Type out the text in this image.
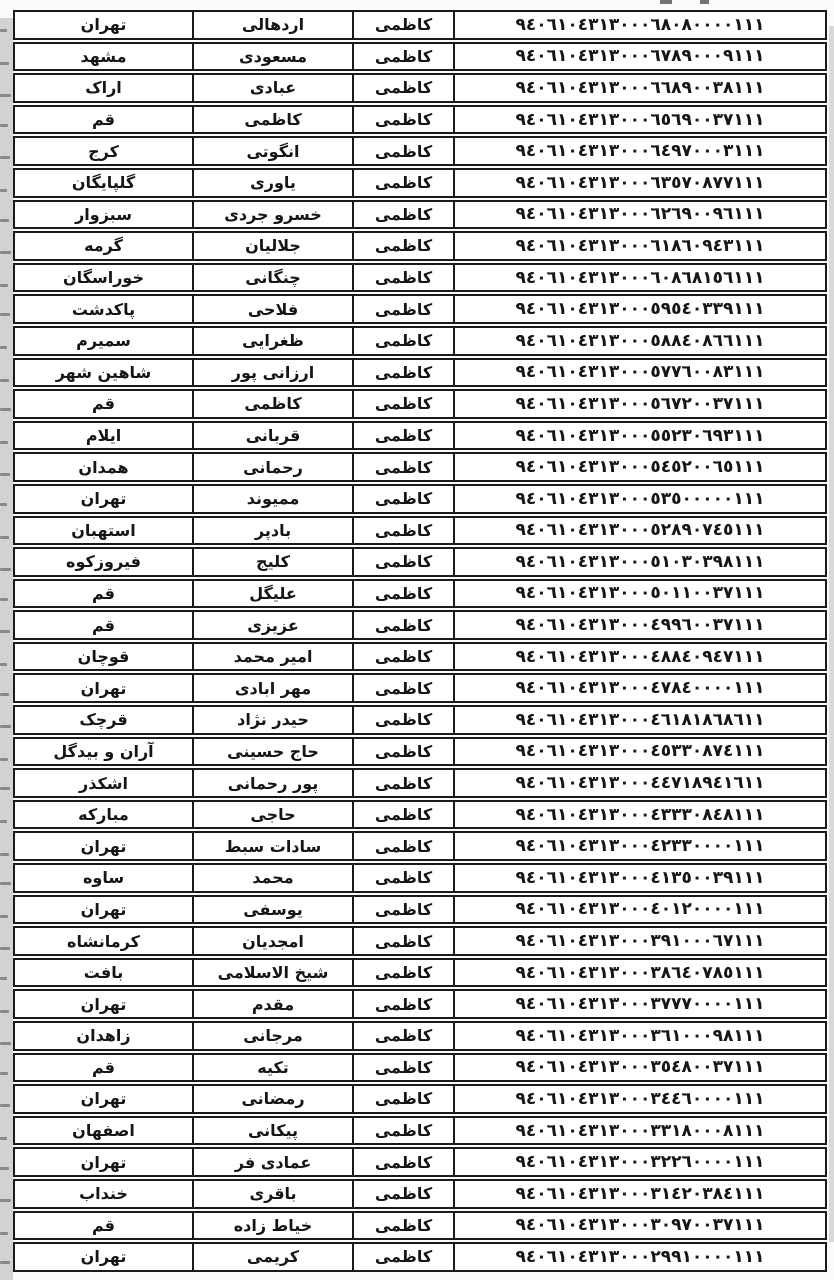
تهران	اردهالی	کاظمی	٩٤٠٦١٠٤٣١٣٠٠٠٦٨٠٨٠٠٠٠١١١
مشهد	مسعودی	کاظمی	٩٤٠٦١٠٤٣١٣٠٠٠٦٧٨٩٠٠٠٩١١١
اراک	عبادی	کاظمی	٩٤٠٦١٠٤٣١٣٠٠٠٦٦٨٩٠٠٣٨١١١
قم	کاظمی	کاظمی	٩٤٠٦١٠٤٣١٣٠٠٠٦٥٦٩٠٠٣٧١١١
کرج	انگوتی	کاظمی	٩٤٠٦١٠٤٣١٣٠٠٠٦٤٩٧٠٠٠٣١١١
گلپایگان	یاوری	کاظمی	٩٤٠٦١٠٤٣١٣٠٠٠٦٣٥٧٠٨٧٧١١١
سبزوار	خسرو جردی	کاظمی	٩٤٠٦١٠٤٣١٣٠٠٠٦٢٦٩٠٠٩٦١١١
گرمه	جلالیان	کاظمی	٩٤٠٦١٠٤٣١٣٠٠٠٦١٨٦٠٩٤٣١١١
خوراسگان	چنگانی	کاظمی	٩٤٠٦١٠٤٣١٣٠٠٠٦٠٨٦٨١٥٦١١١
پاکدشت	فلاحی	کاظمی	٩٤٠٦١٠٤٣١٣٠٠٠٥٩٥٤٠٣٣٩١١١
سمیرم	ظغرایی	کاظمی	٩٤٠٦١٠٤٣١٣٠٠٠٥٨٨٤٠٨٦٦١١١
شاهین شهر	ارزانی پور	کاظمی	٩٤٠٦١٠٤٣١٣٠٠٠٥٧٧٦٠٠٨٣١١١
قم	کاظمی	کاظمی	٩٤٠٦١٠٤٣١٣٠٠٠٥٦٧٢٠٠٣٧١١١
ایلام	قربانی	کاظمی	٩٤٠٦١٠٤٣١٣٠٠٠٥٥٢٣٠٦٩٣١١١
همدان	رحمانی	کاظمی	٩٤٠٦١٠٤٣١٣٠٠٠٥٤٥٢٠٠٦٥١١١
تهران	ممیوند	کاظمی	٩٤٠٦١٠٤٣١٣٠٠٠٥٣٥٠٠٠٠٠١١١
استهبان	بادپر	کاظمی	٩٤٠٦١٠٤٣١٣٠٠٠٥٢٨٩٠٧٤٥١١١
فیروزکوه	کلیج	کاظمی	٩٤٠٦١٠٤٣١٣٠٠٠٥١٠٣٠٣٩٨١١١
قم	علیگل	کاظمی	٩٤٠٦١٠٤٣١٣٠٠٠٥٠١١٠٠٣٧١١١
قم	عزیزی	کاظمی	٩٤٠٦١٠٤٣١٣٠٠٠٤٩٩٦٠٠٣٧١١١
قوچان	امیر محمد	کاظمی	٩٤٠٦١٠٤٣١٣٠٠٠٤٨٨٤٠٩٤٧١١١
تهران	مهر ابادی	کاظمی	٩٤٠٦١٠٤٣١٣٠٠٠٤٧٨٤٠٠٠٠١١١
قرچک	حیدر نژاد	کاظمی	٩٤٠٦١٠٤٣١٣٠٠٠٤٦١٨١٨٦٨٦١١
آران و بیدگل	حاج حسینی	کاظمی	٩٤٠٦١٠٤٣١٣٠٠٠٤٥٣٣٠٨٧٤١١١
اشکذر	پور رحمانی	کاظمی	٩٤٠٦١٠٤٣١٣٠٠٠٤٤٧١٨٩٤١٦١١
مبارکه	حاجی	کاظمی	٩٤٠٦١٠٤٣١٣٠٠٠٤٣٣٣٠٨٤٨١١١
تهران	سادات سبط	کاظمی	٩٤٠٦١٠٤٣١٣٠٠٠٤٢٣٣٠٠٠٠١١١
ساوه	محمد	کاظمی	٩٤٠٦١٠٤٣١٣٠٠٠٤١٣٥٠٠٣٩١١١
تهران	یوسفی	کاظمی	٩٤٠٦١٠٤٣١٣٠٠٠٤٠١٢٠٠٠٠١١١
کرمانشاه	امجدیان	کاظمی	٩٤٠٦١٠٤٣١٣٠٠٠٣٩١٠٠٠٦٧١١١
بافت	شیخ الاسلامی	کاظمی	٩٤٠٦١٠٤٣١٣٠٠٠٣٨٦٤٠٧٨٥١١١
تهران	مقدم	کاظمی	٩٤٠٦١٠٤٣١٣٠٠٠٣٧٧٧٠٠٠٠١١١
زاهدان	مرجانی	کاظمی	٩٤٠٦١٠٤٣١٣٠٠٠٣٦١٠٠٠٩٨١١١
قم	تکیه	کاظمی	٩٤٠٦١٠٤٣١٣٠٠٠٣٥٤٨٠٠٣٧١١١
تهران	رمضانی	کاظمی	٩٤٠٦١٠٤٣١٣٠٠٠٣٤٤٦٠٠٠٠١١١
اصفهان	پیکانی	کاظمی	٩٤٠٦١٠٤٣١٣٠٠٠٣٣١٨٠٠٠٨١١١
تهران	عمادی فر	کاظمی	٩٤٠٦١٠٤٣١٣٠٠٠٣٢٢٦٠٠٠٠١١١
خنداب	باقری	کاظمی	٩٤٠٦١٠٤٣١٣٠٠٠٣١٤٢٠٣٨٤١١١
قم	خیاط زاده	کاظمی	٩٤٠٦١٠٤٣١٣٠٠٠٣٠٩٧٠٠٣٧١١١
تهران	کریمی	کاظمی	٩٤٠٦١٠٤٣١٣٠٠٠٢٩٩١٠٠٠٠١١١
